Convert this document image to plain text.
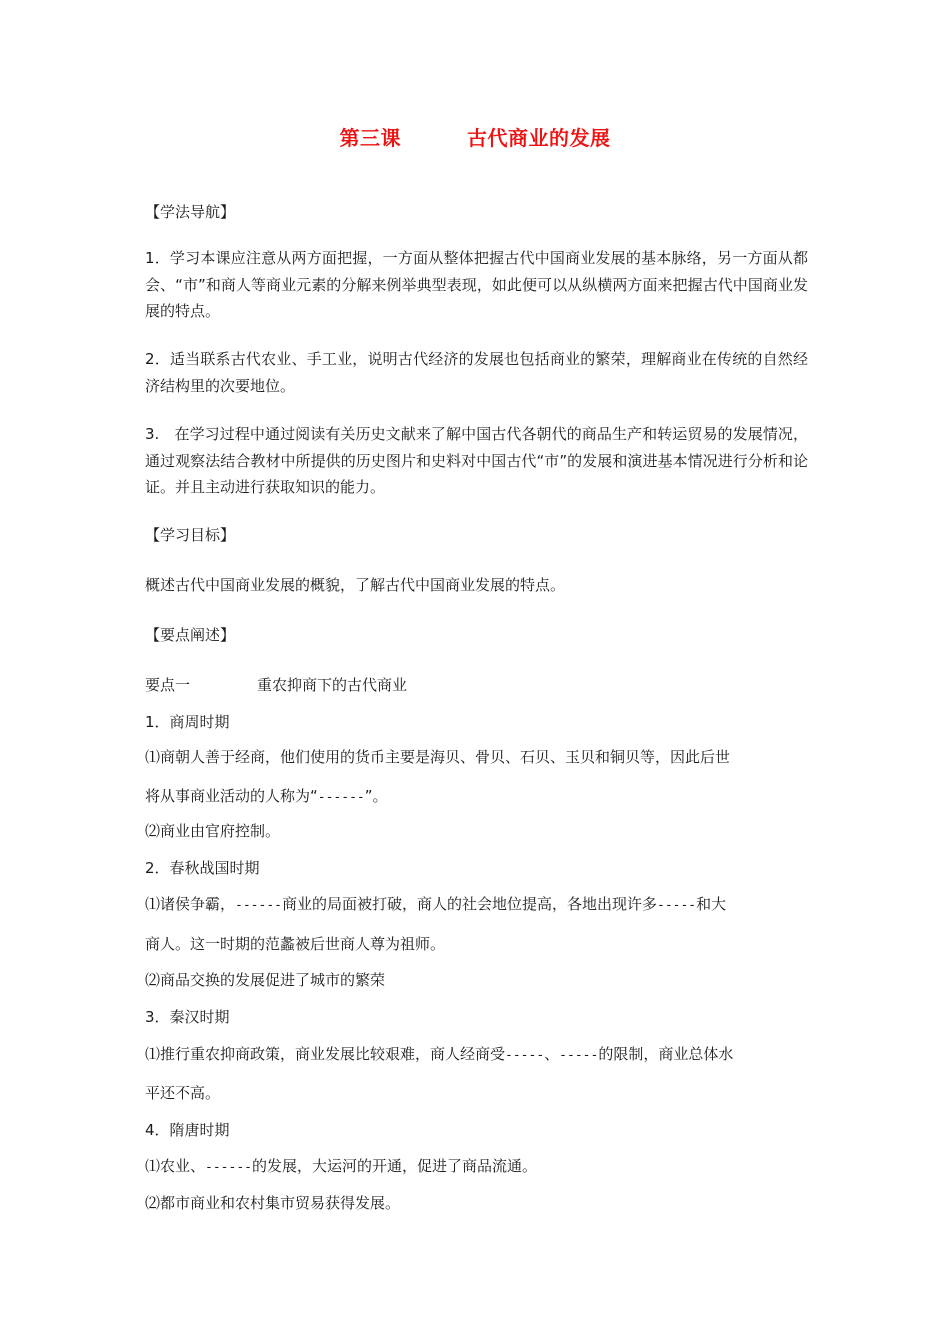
第三课	古代商业的发展
【学法导航】
1．学习本课应注意从两方面把握，一方面从整体把握古代中国商业发展的基本脉络，另一方面从都会、“市”和商人等商业元素的分解来例举典型表现，如此便可以从纵横两方面来把握古代中国商业发展的特点。
2．适当联系古代农业、手工业，说明古代经济的发展也包括商业的繁荣，理解商业在传统的自然经济结构里的次要地位。
3.　在学习过程中通过阅读有关历史文献来了解中国古代各朝代的商品生产和转运贸易的发展情况，通过观察法结合教材中所提供的历史图片和史料对中国古代“市”的发展和演进基本情况进行分析和论证。并且主动进行获取知识的能力。
【学习目标】
概述古代中国商业发展的概貌，了解古代中国商业发展的特点。
【要点阐述】
要点一	重农抑商下的古代商业
1．商周时期
⑴商朝人善于经商，他们使用的货币主要是海贝、骨贝、石贝、玉贝和铜贝等，因此后世
将从事商业活动的人称为“------”。
⑵商业由官府控制。
2．春秋战国时期
⑴诸侯争霸，------商业的局面被打破，商人的社会地位提高，各地出现许多-----和大
商人。这一时期的范蠡被后世商人尊为祖师。
⑵商品交换的发展促进了城市的繁荣
3．秦汉时期
⑴推行重农抑商政策，商业发展比较艰难，商人经商受-----、-----的限制，商业总体水
平还不高。
4．隋唐时期
⑴农业、------的发展，大运河的开通，促进了商品流通。
⑵都市商业和农村集市贸易获得发展。
